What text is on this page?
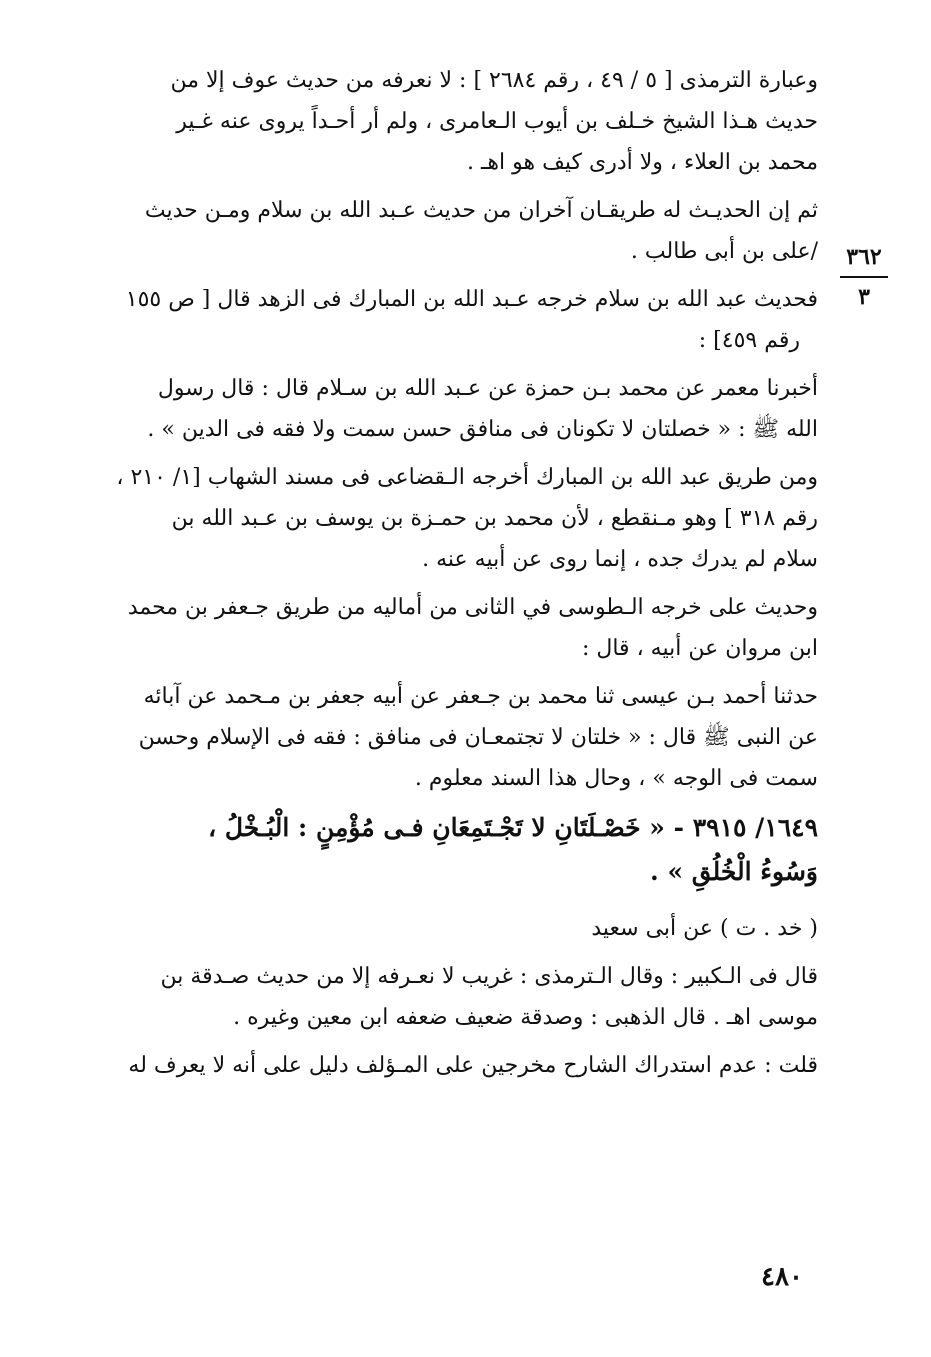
وعبارة الترمذى [ ٥ / ٤٩ ، رقم ٢٦٨٤ ] : لا نعرفه من حديث عوف إلا من
حديث هـذا الشيخ خـلف بن أيوب الـعامرى ، ولم أر أحـداً يروى عنه غـير
محمد بن العلاء ، ولا أدرى كيف هو اهـ .
ثم إن الحديـث له طريقـان آخران من حديث عـبد الله بن سلام ومـن حديث
/على بن أبى طالب .
فحديث عبد الله بن سلام خرجه عـبد الله بن المبارك فى الزهد قال [ ص ١٥٥
رقم ٤٥٩] :
أخبرنا معمر عن محمد بـن حمزة عن عـبد الله بن سـلام قال : قال رسول
الله ﷺ : « خصلتان لا تكونان فى منافق حسن سمت ولا فقه فى الدين » .
ومن طريق عبد الله بن المبارك أخرجه الـقضاعى فى مسند الشهاب [١/ ٢١٠ ،
رقم ٣١٨ ] وهو مـنقطع ، لأن محمد بن حمـزة بن يوسف بن عـبد الله بن
سلام لم يدرك جده ، إنما روى عن أبيه عنه .
وحديث على خرجه الـطوسى في الثانى من أماليه من طريق جـعفر بن محمد
ابن مروان عن أبيه ، قال :
حدثنا أحمد بـن عيسى ثنا محمد بن جـعفر عن أبيه جعفر بن مـحمد عن آبائه
عن النبى ﷺ قال : « خلتان لا تجتمعـان فى منافق : فقه فى الإسلام وحسن
سمت فى الوجه » ، وحال هذا السند معلوم .
١٦٤٩/ ٣٩١٥ - « خَصْـلَتَانِ لا تَجْـتَمِعَانِ فـى مُؤْمِنٍ : الْبُـخْلُ ،
وَسُوءُ الْخُلُقِ » .
( خد . ت ) عن أبى سعيد
قال فى الـكبير : وقال الـترمذى : غريب لا نعـرفه إلا من حديث صـدقة بن
موسى اهـ . قال الذهبى : وصدقة ضعيف ضعفه ابن معين وغيره .
قلت : عدم استدراك الشارح مخرجين على المـؤلف دليل على أنه لا يعرف له
٣٦٢
٣
٤٨٠
